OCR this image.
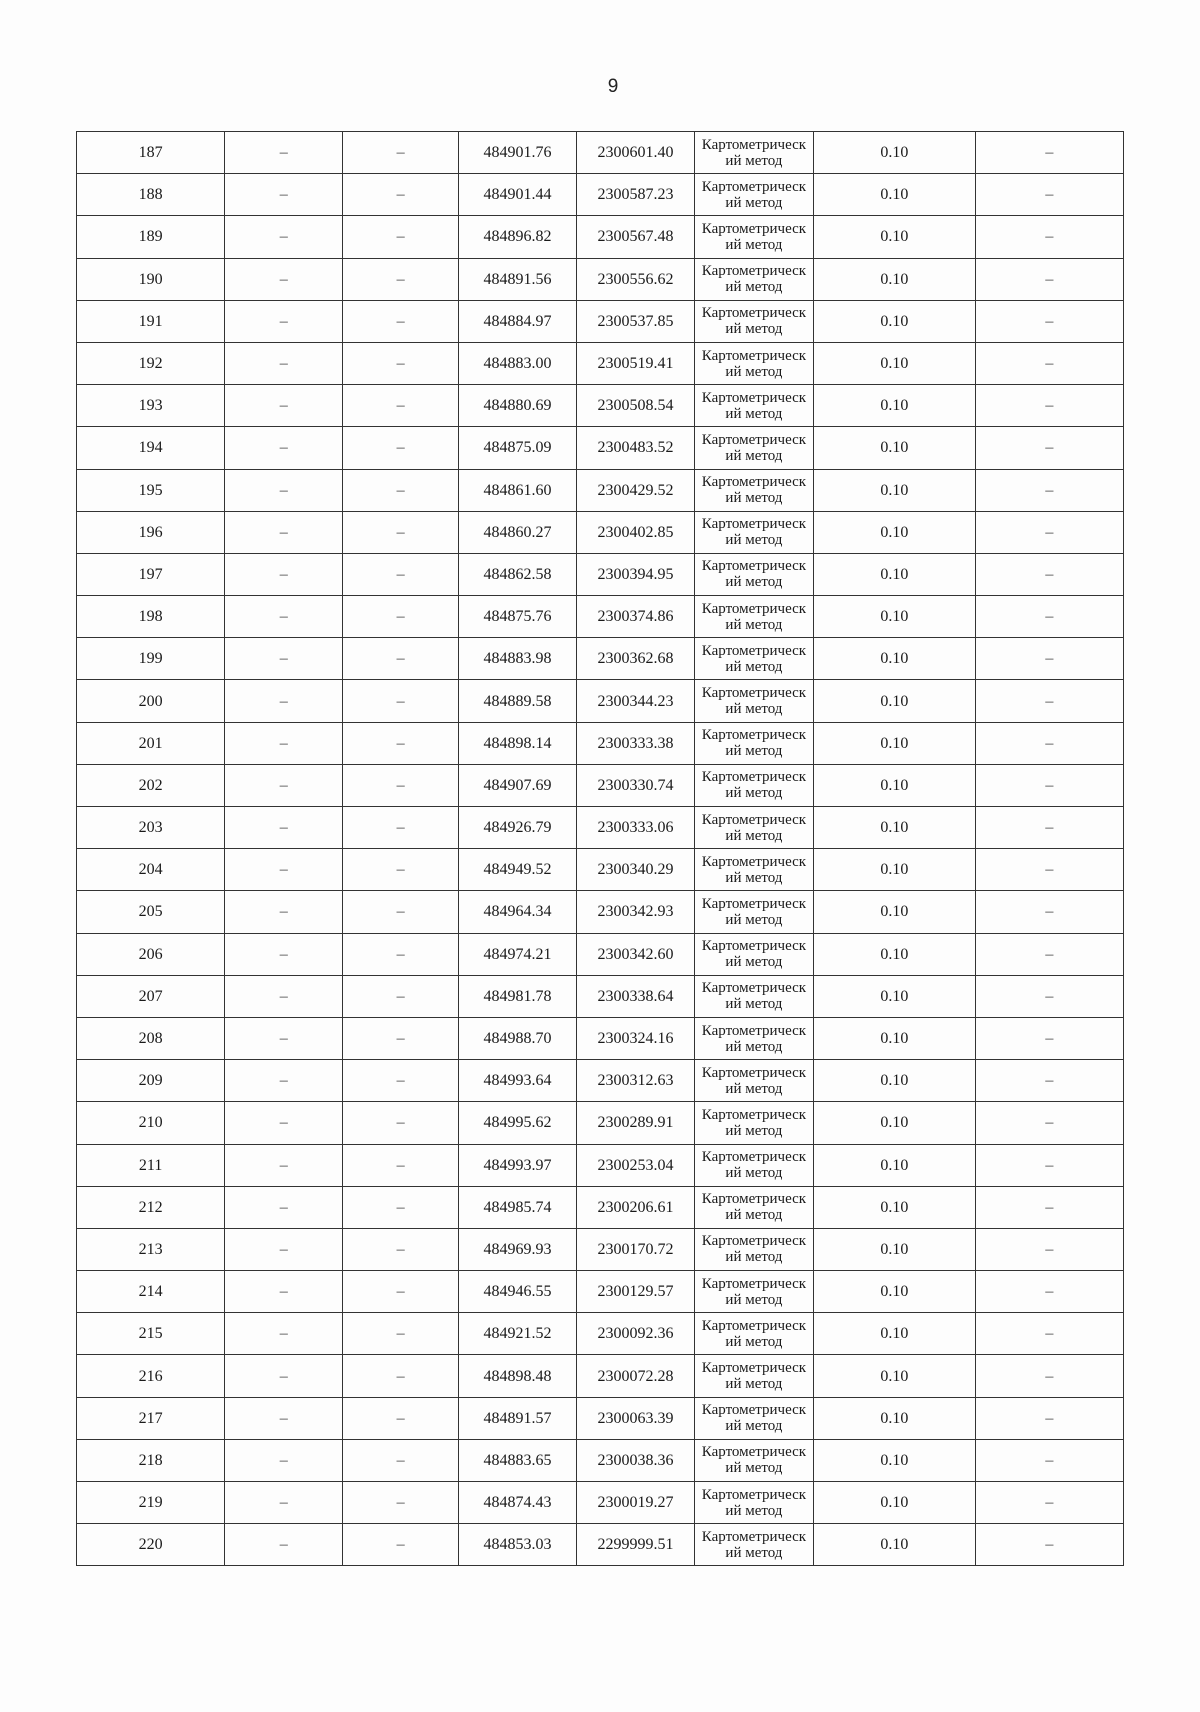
9
187	–	–	484901.76	2300601.40	Картометрическ ий метод	0.10	–
188	–	–	484901.44	2300587.23	Картометрическ ий метод	0.10	–
189	–	–	484896.82	2300567.48	Картометрическ ий метод	0.10	–
190	–	–	484891.56	2300556.62	Картометрическ ий метод	0.10	–
191	–	–	484884.97	2300537.85	Картометрическ ий метод	0.10	–
192	–	–	484883.00	2300519.41	Картометрическ ий метод	0.10	–
193	–	–	484880.69	2300508.54	Картометрическ ий метод	0.10	–
194	–	–	484875.09	2300483.52	Картометрическ ий метод	0.10	–
195	–	–	484861.60	2300429.52	Картометрическ ий метод	0.10	–
196	–	–	484860.27	2300402.85	Картометрическ ий метод	0.10	–
197	–	–	484862.58	2300394.95	Картометрическ ий метод	0.10	–
198	–	–	484875.76	2300374.86	Картометрическ ий метод	0.10	–
199	–	–	484883.98	2300362.68	Картометрическ ий метод	0.10	–
200	–	–	484889.58	2300344.23	Картометрическ ий метод	0.10	–
201	–	–	484898.14	2300333.38	Картометрическ ий метод	0.10	–
202	–	–	484907.69	2300330.74	Картометрическ ий метод	0.10	–
203	–	–	484926.79	2300333.06	Картометрическ ий метод	0.10	–
204	–	–	484949.52	2300340.29	Картометрическ ий метод	0.10	–
205	–	–	484964.34	2300342.93	Картометрическ ий метод	0.10	–
206	–	–	484974.21	2300342.60	Картометрическ ий метод	0.10	–
207	–	–	484981.78	2300338.64	Картометрическ ий метод	0.10	–
208	–	–	484988.70	2300324.16	Картометрическ ий метод	0.10	–
209	–	–	484993.64	2300312.63	Картометрическ ий метод	0.10	–
210	–	–	484995.62	2300289.91	Картометрическ ий метод	0.10	–
211	–	–	484993.97	2300253.04	Картометрическ ий метод	0.10	–
212	–	–	484985.74	2300206.61	Картометрическ ий метод	0.10	–
213	–	–	484969.93	2300170.72	Картометрическ ий метод	0.10	–
214	–	–	484946.55	2300129.57	Картометрическ ий метод	0.10	–
215	–	–	484921.52	2300092.36	Картометрическ ий метод	0.10	–
216	–	–	484898.48	2300072.28	Картометрическ ий метод	0.10	–
217	–	–	484891.57	2300063.39	Картометрическ ий метод	0.10	–
218	–	–	484883.65	2300038.36	Картометрическ ий метод	0.10	–
219	–	–	484874.43	2300019.27	Картометрическ ий метод	0.10	–
220	–	–	484853.03	2299999.51	Картометрическ ий метод	0.10	–
